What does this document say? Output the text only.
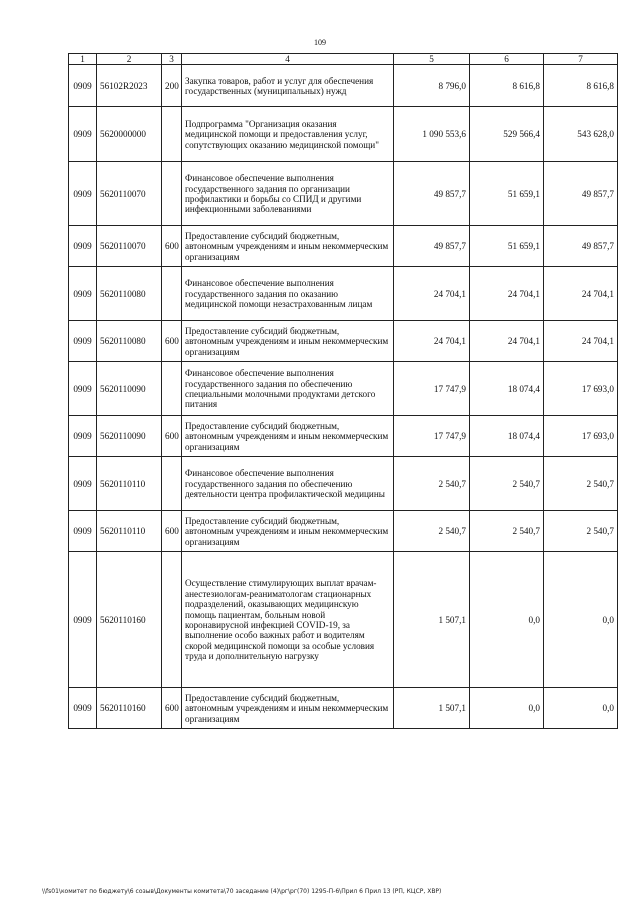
109
1	2	3	4	5	6	7
0909	56102R2023	200	Закупка товаров, работ и услуг для обеспечения государственных (муниципальных) нужд	8 796,0	8 616,8	8 616,8
0909	5620000000		Подпрограмма "Организация оказания медицинской помощи и предоставления услуг, сопутствующих оказанию медицинской помощи"	1 090 553,6	529 566,4	543 628,0
0909	5620110070		Финансовое обеспечение выполнения государственного задания по организации профилактики и борьбы со СПИД и другими инфекционными заболеваниями	49 857,7	51 659,1	49 857,7
0909	5620110070	600	Предоставление субсидий бюджетным, автономным учреждениям и иным некоммерческим организациям	49 857,7	51 659,1	49 857,7
0909	5620110080		Финансовое обеспечение выполнения государственного задания по оказанию медицинской помощи незастрахованным лицам	24 704,1	24 704,1	24 704,1
0909	5620110080	600	Предоставление субсидий бюджетным, автономным учреждениям и иным некоммерческим организациям	24 704,1	24 704,1	24 704,1
0909	5620110090		Финансовое обеспечение выполнения государственного задания по обеспечению специальными молочными продуктами детского питания	17 747,9	18 074,4	17 693,0
0909	5620110090	600	Предоставление субсидий бюджетным, автономным учреждениям и иным некоммерческим организациям	17 747,9	18 074,4	17 693,0
0909	5620110110		Финансовое обеспечение выполнения государственного задания по обеспечению деятельности центра профилактической медицины	2 540,7	2 540,7	2 540,7
0909	5620110110	600	Предоставление субсидий бюджетным, автономным учреждениям и иным некоммерческим организациям	2 540,7	2 540,7	2 540,7
0909	5620110160		Осуществление стимулирующих выплат врачам-анестезиологам-реаниматологам стационарных подразделений, оказывающих медицинскую помощь пациентам, больным новой коронавирусной инфекцией COVID-19, за выполнение особо важных работ и водителям скорой медицинской помощи за особые условия труда и дополнительную нагрузку	1 507,1	0,0	0,0
0909	5620110160	600	Предоставление субсидий бюджетным, автономным учреждениям и иным некоммерческим организациям	1 507,1	0,0	0,0
\\fs01\комитет по бюджету\6 созыв\Документы комитета\70 заседание (4)\рг\рг(70) 1295-П-6\Прил 6 Прил 13 (РП, КЦСР, ХВР)
